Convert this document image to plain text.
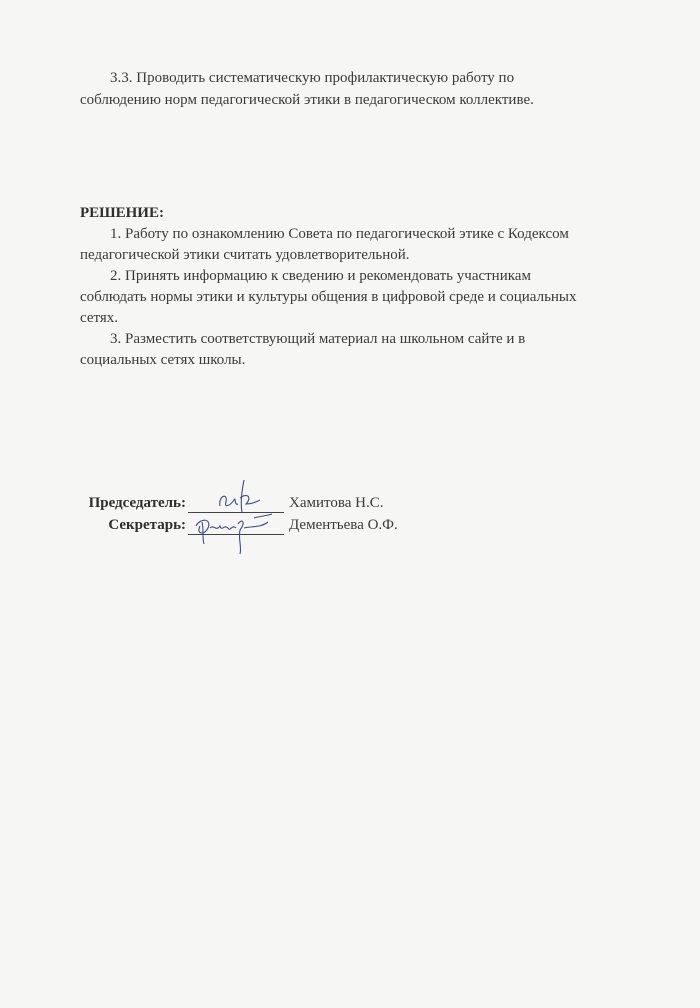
3.3. Проводить систематическую профилактическую работу по
соблюдению норм педагогической этики в педагогическом коллективе.
РЕШЕНИЕ:
1. Работу по ознакомлению Совета по педагогической этике с Кодексом
педагогической этики считать удовлетворительной.
2. Принять информацию к сведению и рекомендовать участникам
соблюдать нормы этики и культуры общения в цифровой среде и социальных
сетях.
3. Разместить соответствующий материал на школьном сайте и в
социальных сетях школы.
Председатель:	Хамитова Н.С.
Секретарь:	Дементьева О.Ф.
